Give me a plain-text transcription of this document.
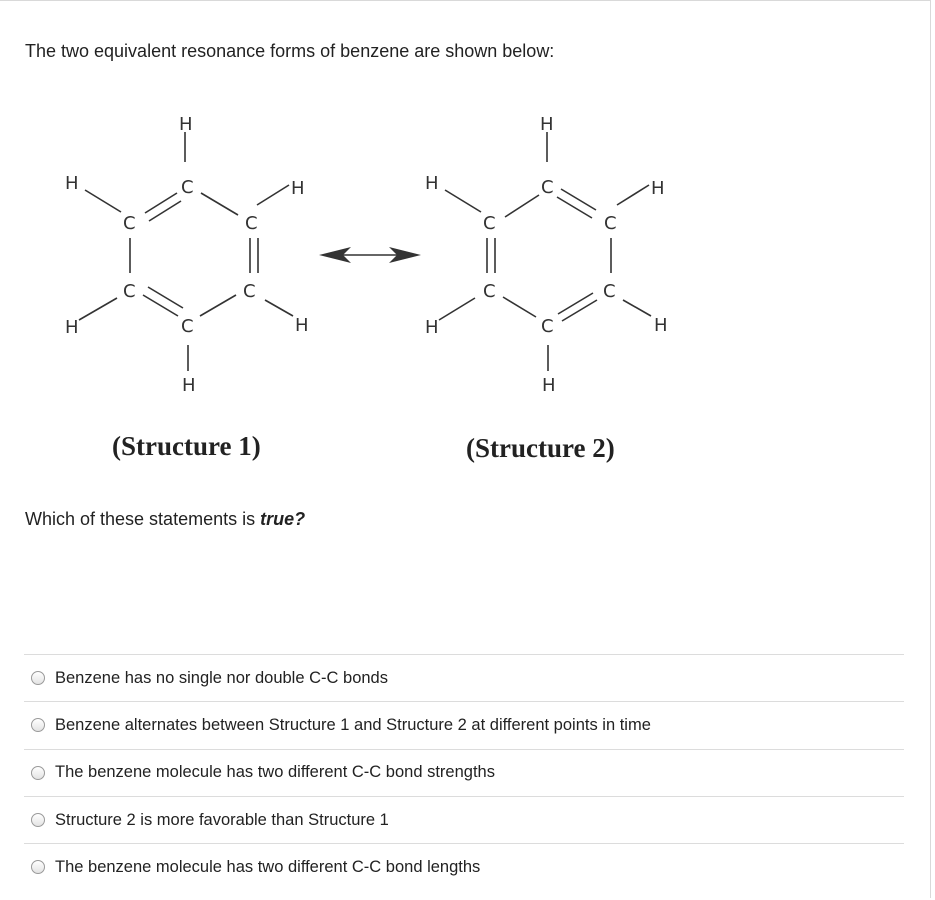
The two equivalent resonance forms of benzene are shown below:
H
C
H
C	C
H
C	C
H	H
C
H
H
C
H
C	C
H
C	C
H	H
C
H
(Structure 1)	(Structure 2)
Which of these statements is true?
Benzene has no single nor double C-C bonds
Benzene alternates between Structure 1 and Structure 2 at different points in time
The benzene molecule has two different C-C bond strengths
Structure 2 is more favorable than Structure 1
The benzene molecule has two different C-C bond lengths
